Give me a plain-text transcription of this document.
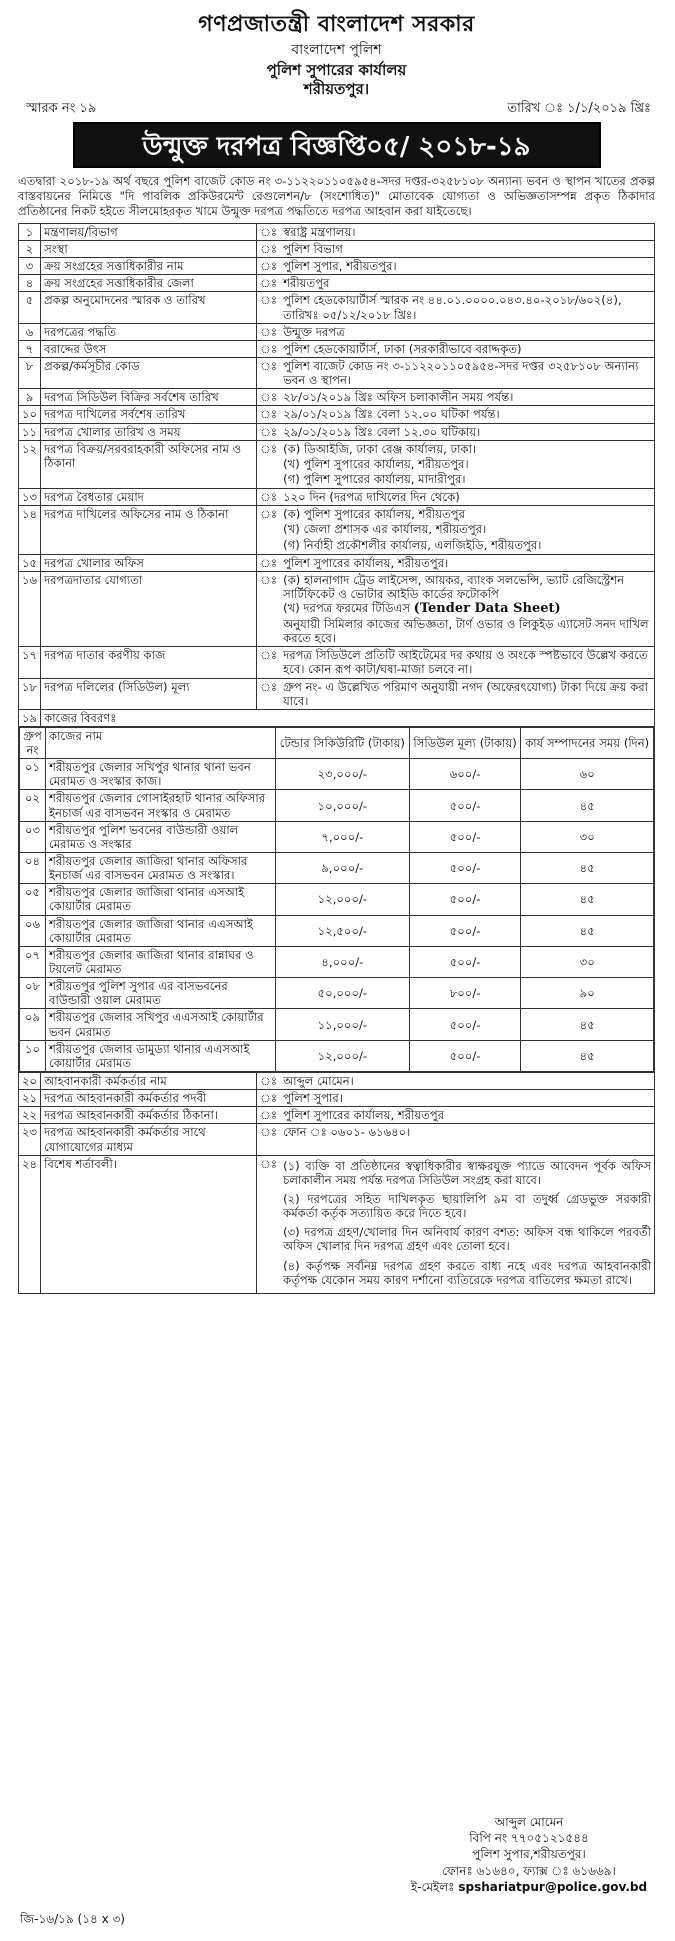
গণপ্রজাতন্ত্রী বাংলাদেশ সরকার
বাংলাদেশ পুলিশ
পুলিশ সুপারের কার্যালয়
শরীয়তপুর।
স্মারক নং ১৯	তারিখ ঃ ১/১/২০১৯ খ্রিঃ
উন্মুক্ত দরপত্র বিজ্ঞপ্তি০৫/ ২০১৮-১৯

এতদ্বারা ২০১৮-১৯ অর্থ বছরে পুলিশ বাজেট কোড নং ৩-১১২২০১১০৫৯৫৪-সদর দপ্তর-৩২৫৮১০৮ অন্যান্য ভবন ও স্থাপন খাতের প্রকল্প বাস্তবায়নের নিমিত্তে "দি পাবলিক প্রকিউরমেন্ট রেগুলেশন/৮ (সংশোধিত)" মোতাবেক যোগ্যতা ও অভিজ্ঞতাসম্পন্ন প্রকৃত ঠিকাদার প্রতিষ্ঠানের নিকট হইতে সীলমোহরকৃত খামে উন্মুক্ত দরপত্র পদ্ধতিতে দরপত্র আহবান করা যাইতেছে।

১	মন্ত্রণালয়/বিভাগ	ঃ	স্বরাষ্ট্র মন্ত্রণালয়।
২	সংস্থা	ঃ	পুলিশ বিভাগ
৩	ক্রয় সংগ্রহের সত্তাধিকারীর নাম	ঃ	পুলিশ সুপার, শরীয়তপুর।
৪	ক্রয় সংগ্রহের সত্তাধিকারীর জেলা	ঃ	শরীয়তপুর
৫	প্রকল্প অনুমোদনের স্মারক ও তারিখ	ঃ	পুলিশ হেডকোয়ার্টার্স স্মারক নং ৪৪.০১.০০০০.০৪৩.৪০-২০১৮/৬০২(৪), তারিখঃ ০৫/১২/২০১৮ খ্রিঃ।
৬	দরপত্রের পদ্ধতি	ঃ	উন্মুক্ত দরপত্র
৭	বরাদ্দের উৎস	ঃ	পুলিশ হেডকোয়ার্টার্স, ঢাকা (সরকারীভাবে বরাদ্দকৃত)
৮	প্রকল্প/কর্মসূচীর কোড	ঃ	পুলিশ বাজেট কোড নং ৩-১১২২০১১০৫৯৫৪-সদর দপ্তর ৩২৫৮১০৮ অন্যান্য ভবন ও স্থাপন।
৯	দরপত্র সিডিউল বিক্রির সর্বশেষ তারিখ	ঃ	২৮/০১/২০১৯ খ্রিঃ অফিস চলাকালীন সময় পর্যন্ত।
১০	দরপত্র দাখিলের সর্বশেষ তারিখ	ঃ	২৯/০১/২০১৯ খ্রিঃ বেলা ১২.০০ ঘটিকা পর্যন্ত।
১১	দরপত্র খোলার তারিখ ও সময়	ঃ	২৯/০১/২০১৯ খ্রিঃ বেলা ১২.৩০ ঘটিকায়।
১২	দরপত্র বিক্রয়/সরবরাহকারী অফিসের নাম ও ঠিকানা	ঃ	(ক) ডিআইজি, ঢাকা রেঞ্জ কার্যালয়, ঢাকা।
(খ) পুলিশ সুপারের কার্যালয়, শরীয়তপুর।
(গ) পুলিশ সুপারের কার্যালয়, মাদারীপুর।

১৩	দরপত্র বৈধতার মেয়াদ	ঃ	১২০ দিন (দরপত্র দাখিলের দিন থেকে)
১৪	দরপত্র দাখিলের অফিসের নাম ও ঠিকানা	ঃ	(ক) পুলিশ সুপারের কার্যালয়, শরীয়তপুর
(খ) জেলা প্রশাসক এর কার্যালয়, শরীয়তপুর।
(গ) নির্বাহী প্রকৌশলীর কার্যালয়, এলজিইডি, শরীয়তপুর।

১৫	দরপত্র খোলার অফিস	ঃ	পুলিশ সুপারের কার্যালয়, শরীয়তপুর।
১৬	দরপত্রদাতার যোগ্যতা	ঃ	(ক) হালনাগাদ ট্রেড লাইসেন্স, আয়কর, ব্যাংক সলভেন্সি, ভ্যাট রেজিস্ট্রেশন সার্টিফিকেট ও ভোটার আইডি কার্ডের ফটোকপি
(খ) দরপত্র ফরমের টিডিএস (Tender Data Sheet)
অনুযায়ী সিমিলার কাজের অভিজ্ঞতা, টার্ণ ওভার ও লিকুইড এ্যাসেট সনদ দাখিল করতে হবে।

১৭	দরপত্র দাতার করণীয় কাজ	ঃ	দরপত্র সিডিউলে প্রতিটি আইটেমের দর কথায় ও অংকে স্পষ্টভাবে উল্লেখ করতে হবে। কোন রূপ কাটা/ঘষা-মাজা চলবে না।
১৮	দরপত্র দলিলের (সিডিউল) মূল্য	ঃ	গ্রুপ নং- এ উল্লেখিত পরিমাণ অনুযায়ী নগদ (অফেরৎযোগ্য) টাকা দিয়ে ক্রয় করা যাবে।
১৯	কাজের বিবরণঃ

গ্রুপ নং	কাজের নাম	টেন্ডার সিকিউরিটি (টাকায়)	সিডিউল মূল্য (টাকায়)	কার্য সম্পাদনের সময় (দিন)
০১	শরীয়তপুর জেলার সখিপুর থানার থানা ভবন মেরামত ও সংস্কার কাজ।	২৩,০০০/-	৬০০/-	৬০
০২	শরীয়তপুর জেলার গোসাইরহাট থানার অফিসার ইনচার্জ এর বাসভবন সংস্কার ও মেরামত	১০,০০০/-	৫০০/-	৪৫
০৩	শরীয়তপুর পুলিশ ভবনের বাউন্ডারী ওয়াল মেরামত ও সংস্কার	৭,০০০/-	৫০০/-	৩০
০৪	শরীয়তপুর জেলার জাজিরা থানার অফিসার ইনচার্জ এর বাসভবন মেরামত ও সংস্কার।	৯,০০০/-	৫০০/-	৪৫
০৫	শরীয়তপুর জেলার জাজিরা থানার এসআই কোয়ার্টার মেরামত	১২,০০০/-	৫০০/-	৪৫
০৬	শরীয়তপুর জেলার জাজিরা থানার এএসআই কোয়ার্টার মেরামত	১২,৫০০/-	৫০০/-	৪৫
০৭	শরীয়তপুর জেলার জাজিরা থানার রান্নাঘর ও টয়লেট মেরামত	৪,০০০/-	৫০০/-	৩০
০৮	শরীয়তপুর পুলিশ সুপার এর বাসভবনের বাউন্ডারী ওয়াল মেরামত	৫০,০০০/-	৮০০/-	৯০
০৯	শরীয়তপুর জেলার সখিপুর এএসআই কোয়ার্টার ভবন মেরামত	১১,০০০/-	৫০০/-	৪৫
১০	শরীয়তপুর জেলার ডামুড্যা থানার এএসআই কোয়ার্টার মেরামত	১২,০০০/-	৫০০/-	৪৫

২০	আহবানকারী কর্মকর্তার নাম	ঃ	আব্দুল মোমেন।
২১	দরপত্র আহবানকারী কর্মকর্তার পদবী	ঃ	পুলিশ সুপার।
২২	দরপত্র আহবানকারী কর্মকর্তার ঠিকানা।	ঃ	পুলিশ সুপারের কার্যালয়, শরীয়তপুর
২৩	দরপত্র আহবানকারী কর্মকর্তার সাথে যোগাযোগের মাধ্যম	ঃ	ফোন ঃ ০৬০১- ৬১৬৪০।
২৪	বিশেষ শর্তাবলী।	ঃ	(১) ব্যক্তি বা প্রতিষ্ঠানের স্বত্বাধিকারীর স্বাক্ষরযুক্ত প্যাডে আবেদন পূর্বক অফিস চলাকালীন সময় পর্যন্ত দরপত্র সিডিউল সংগ্রহ করা যাবে।

(২) দরপত্রের সহিত দাখিলকৃত ছায়ালিপি ৯ম বা তদুর্ধ্ব গ্রেডভুক্ত সরকারী কর্মকর্তা কর্তৃক সত্যায়িত করে দিতে হবে।

(৩) দরপত্র গ্রহণ/খোলার দিন অনিবার্য কারণ বশত: অফিস বন্ধ থাকিলে পরবর্তী অফিস খোলার দিন দরপত্র গ্রহণ এবং তোলা হবে।

(৪) কর্তৃপক্ষ সর্বনিম্ন দরপত্র গ্রহণ করতে বাধ্য নহে এবং দরপত্র আহবানকারী কর্তৃপক্ষ যেকোন সময় কারণ দর্শানো ব্যতিরেকে দরপত্র বাতিলের ক্ষমতা রাখে।

আব্দুল মোমেন
বিপি নং ৭৭০৫১২১৫৪৪
পুলিশ সুপার,শরীয়তপুর।
ফোনঃ ৬১৬৪০, ফ্যাক্স ঃ ৬১৬৬৯।
ই-মেইলঃ spshariatpur@police.gov.bd
জি-১৬/১৯ (১৪ x ৩)
